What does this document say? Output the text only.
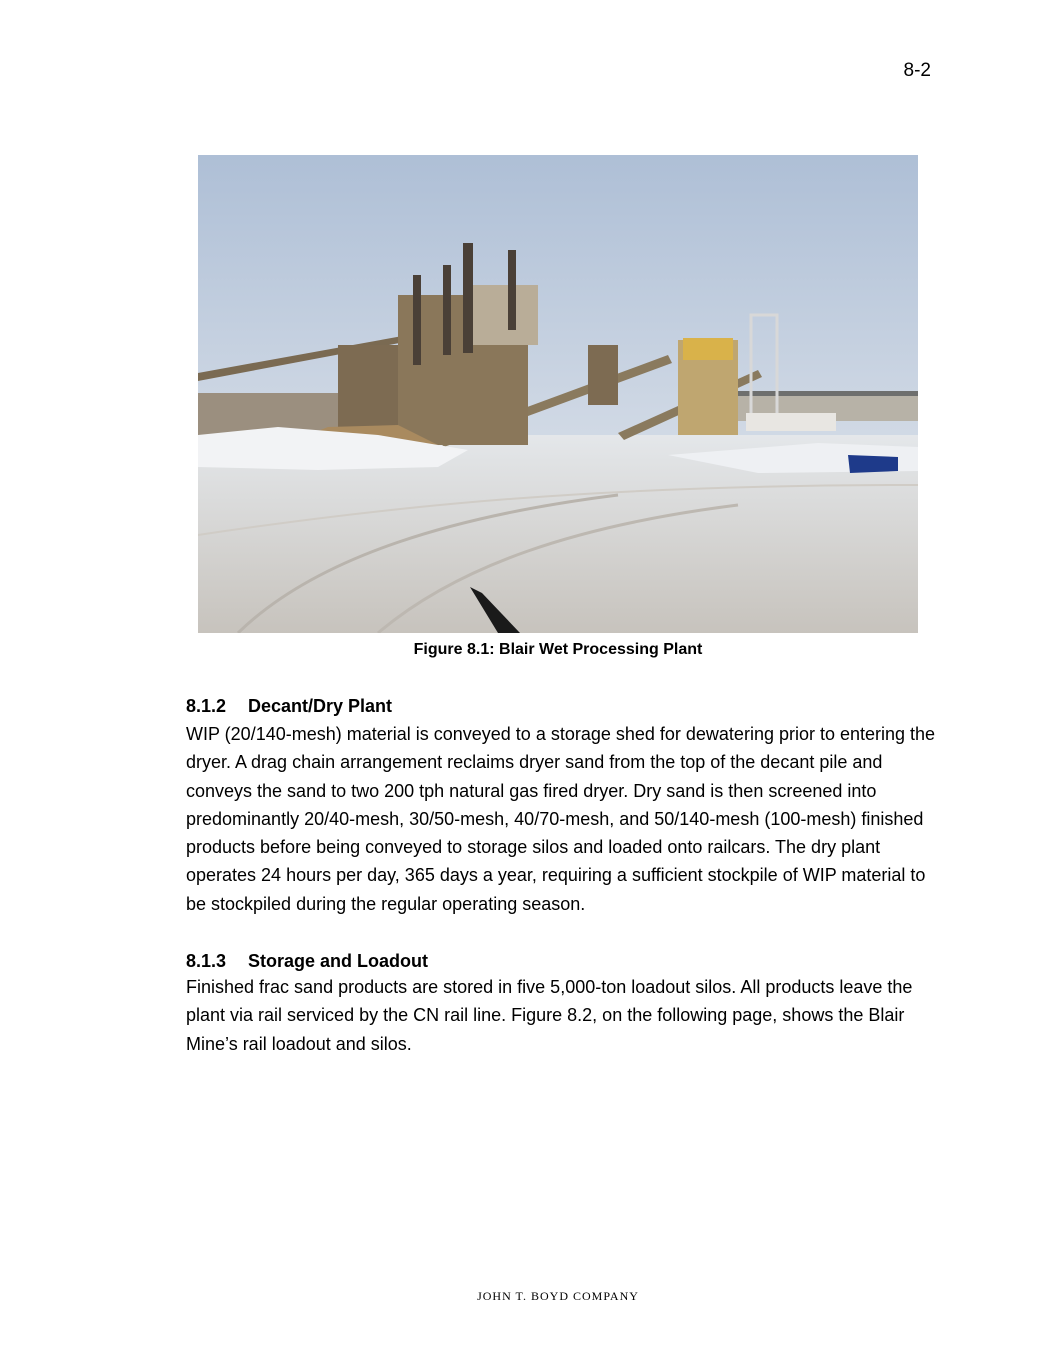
8-2
Figure 8.1: Blair Wet Processing Plant
8.1.2 Decant/Dry Plant
WIP (20/140-mesh) material is conveyed to a storage shed for dewatering prior to entering the dryer. A drag chain arrangement reclaims dryer sand from the top of the decant pile and conveys the sand to two 200 tph natural gas fired dryer. Dry sand is then screened into predominantly 20/40-mesh, 30/50-mesh, 40/70-mesh, and 50/140-mesh (100-mesh) finished products before being conveyed to storage silos and loaded onto railcars. The dry plant operates 24 hours per day, 365 days a year, requiring a sufficient stockpile of WIP material to be stockpiled during the regular operating season.
8.1.3 Storage and Loadout
Finished frac sand products are stored in five 5,000-ton loadout silos. All products leave the plant via rail serviced by the CN rail line. Figure 8.2, on the following page, shows the Blair Mine’s rail loadout and silos.
JOHN T. BOYD COMPANY
